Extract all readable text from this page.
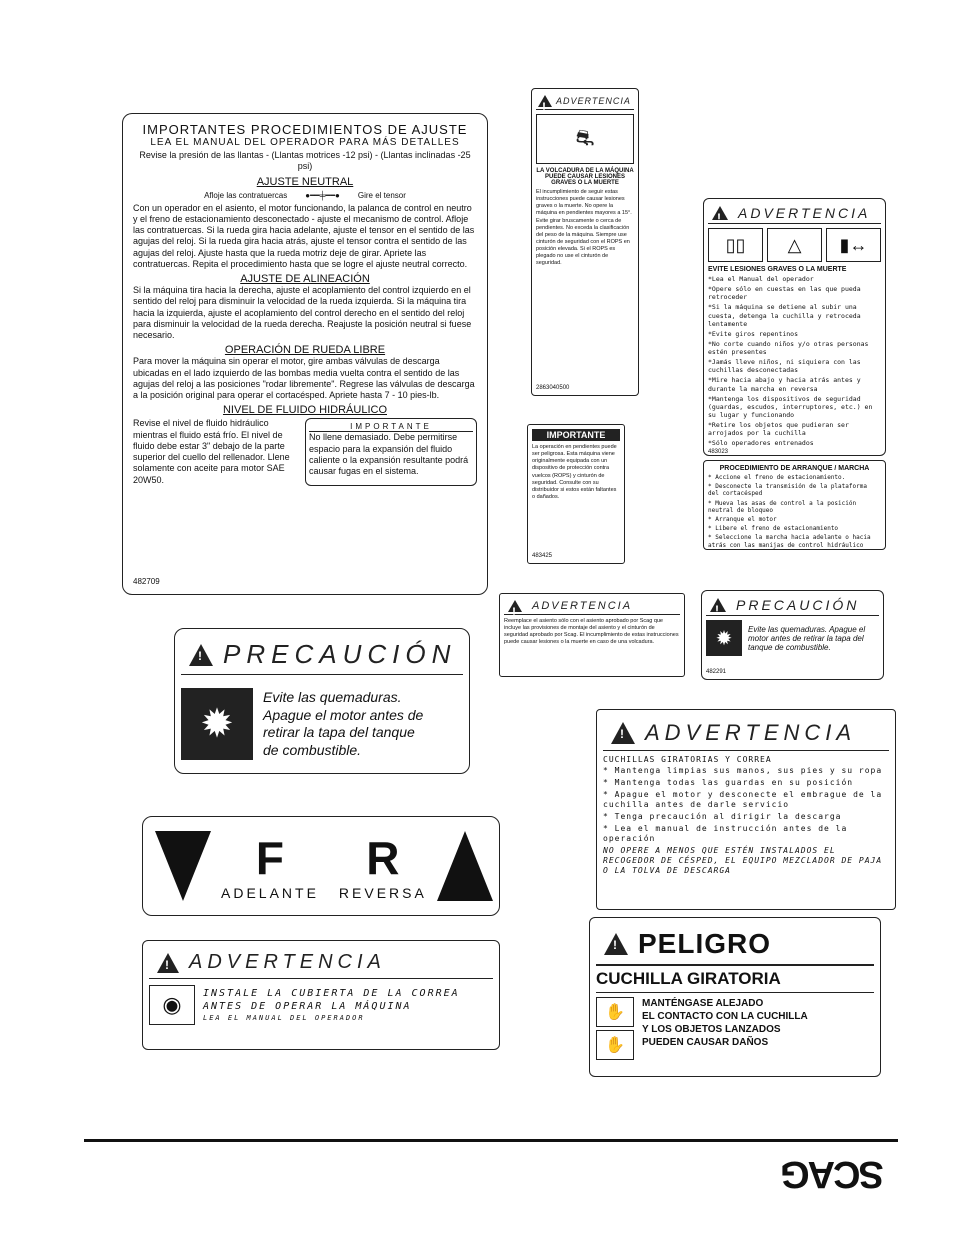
IMPORTANTES PROCEDIMIENTOS DE AJUSTE
LEA EL MANUAL DEL OPERADOR PARA MÁS DETALLES
Revise la presión de las llantas - (Llantas motrices -12 psi) - (Llantas inclinadas -25 psi)
AJUSTE NEUTRAL
Afloje las contratuercas ●━━╪━━● Gire el tensor
Con un operador en el asiento, el motor funcionando, la palanca de control en neutro y el freno de estacionamiento desconectado - ajuste el mecanismo de control. Afloje las contratuercas. Si la rueda gira hacia adelante, ajuste el tensor en el sentido de las agujas del reloj. Si la rueda gira hacia atrás, ajuste el tensor contra el sentido de las agujas del reloj. Ajuste hasta que la rueda motriz deje de girar. Apriete las contratuercas. Repita el procedimiento hasta que se logre el ajuste neutral correcto.
AJUSTE DE ALINEACIÓN
Si la máquina tira hacia la derecha, ajuste el acoplamiento del control izquierdo en el sentido del reloj para disminuir la velocidad de la rueda izquierda. Si la máquina tira hacia la izquierda, ajuste el acoplamiento del control derecho en el sentido del reloj para disminuir la velocidad de la rueda derecha. Reajuste la posición neutral si fuese necesario.
OPERACIÓN DE RUEDA LIBRE
Para mover la máquina sin operar el motor, gire ambas válvulas de descarga ubicadas en el lado izquierdo de las bombas media vuelta contra el sentido de las agujas del reloj a las posiciones "rodar libremente". Regrese las válvulas de descarga a la posición original para operar el cortacésped. Apriete hasta 7 - 10 pies-lb.
NIVEL DE FLUIDO HIDRÁULICO
Revise el nivel de fluido hidráulico mientras el fluido está frío. El nivel de fluido debe estar 3" debajo de la parte superior del cuello del rellenador. Llene solamente con aceite para motor SAE 20W50.
IMPORTANTE
No llene demasiado. Debe permitirse espacio para la expansión del fluido caliente o la expansión resultante podrá causar fugas en el sistema.
482709
!
ADVERTENCIA
⛐
LA VOLCADURA DE LA MÁQUINA PUEDE CAUSAR LESIONES GRAVES O LA MUERTE
El incumplimiento de seguir estas instrucciones puede causar lesiones graves o la muerte. No opere la máquina en pendientes mayores a 15°. Evite girar bruscamente o cerca de pendientes. No exceda la clasificación del peso de la máquina. Siempre use cinturón de seguridad con el ROPS en posición elevada. Si el ROPS es plegado no use el cinturón de seguridad.
2863040500
IMPORTANTE
La operación en pendientes puede ser peligrosa. Esta máquina viene originalmente equipada con un dispositivo de protección contra vuelcos (ROPS) y cinturón de seguridad. Consulte con su distribuidor si estos están faltantes o dañados.
483425
!
ADVERTENCIA
▯▯	△	▮↔
EVITE LESIONES GRAVES O LA MUERTE
*Lea el Manual del operador
*Opere sólo en cuestas en las que pueda retroceder
*Si la máquina se detiene al subir una cuesta, detenga la cuchilla y retroceda lentamente
*Evite giros repentinos
*No corte cuando niños y/o otras personas estén presentes
*Jamás lleve niños, ni siquiera con las cuchillas desconectadas
*Mire hacia abajo y hacia atrás antes y durante la marcha en reversa
*Mantenga los dispositivos de seguridad (guardas, escudos, interruptores, etc.) en su lugar y funcionando
*Retire los objetos que pudieran ser arrojados por la cuchilla
*Sólo operadores entrenados
483023
PROCEDIMIENTO DE ARRANQUE / MARCHA
* Accione el freno de estacionamiento.
* Desconecte la transmisión de la plataforma del cortacésped
* Mueva las asas de control a la posición neutral de bloqueo
* Arranque el motor
* Libere el freno de estacionamiento
* Seleccione la marcha hacia adelante o hacia atrás con las manijas de control hidráulico
!
PRECAUCIÓN
✹	Evite las quemaduras. Apague el motor antes de retirar la tapa del tanque de combustible.
482291
!
ADVERTENCIA
Reemplace el asiento sólo con el asiento aprobado por Scag que incluye las provisiones de montaje del asiento y el cinturón de seguridad aprobado por Scag. El incumplimiento de estas instrucciones puede causar lesiones o la muerte en caso de una volcadura.
!
PRECAUCIÓN
✹
Evite las quemaduras.
Apague el motor antes de
retirar la tapa del tanque
de combustible.
!
ADVERTENCIA
CUCHILLAS GIRATORIAS Y CORREA
* Mantenga limpias sus manos, sus pies y su ropa
* Mantenga todas las guardas en su posición
* Apague el motor y desconecte el embrague de la cuchilla antes de darle servicio
* Tenga precaución al dirigir la descarga
* Lea el manual de instrucción antes de la operación
NO OPERE A MENOS QUE ESTÉN INSTALADOS EL RECOGEDOR DE CÉSPED, EL EQUIPO MEZCLADOR DE PAJA O LA TOLVA DE DESCARGA
F
ADELANTE
R
REVERSA
!
ADVERTENCIA
◉	INSTALE LA CUBIERTA DE LA CORREA
ANTES DE OPERAR LA MÁQUINA
LEA EL MANUAL DEL OPERADOR
!
PELIGRO
CUCHILLA GIRATORIA
✋
✋
MANTÉNGASE ALEJADO
EL CONTACTO CON LA CUCHILLA
Y LOS OBJETOS LANZADOS
PUEDEN CAUSAR DAÑOS
SCAG
